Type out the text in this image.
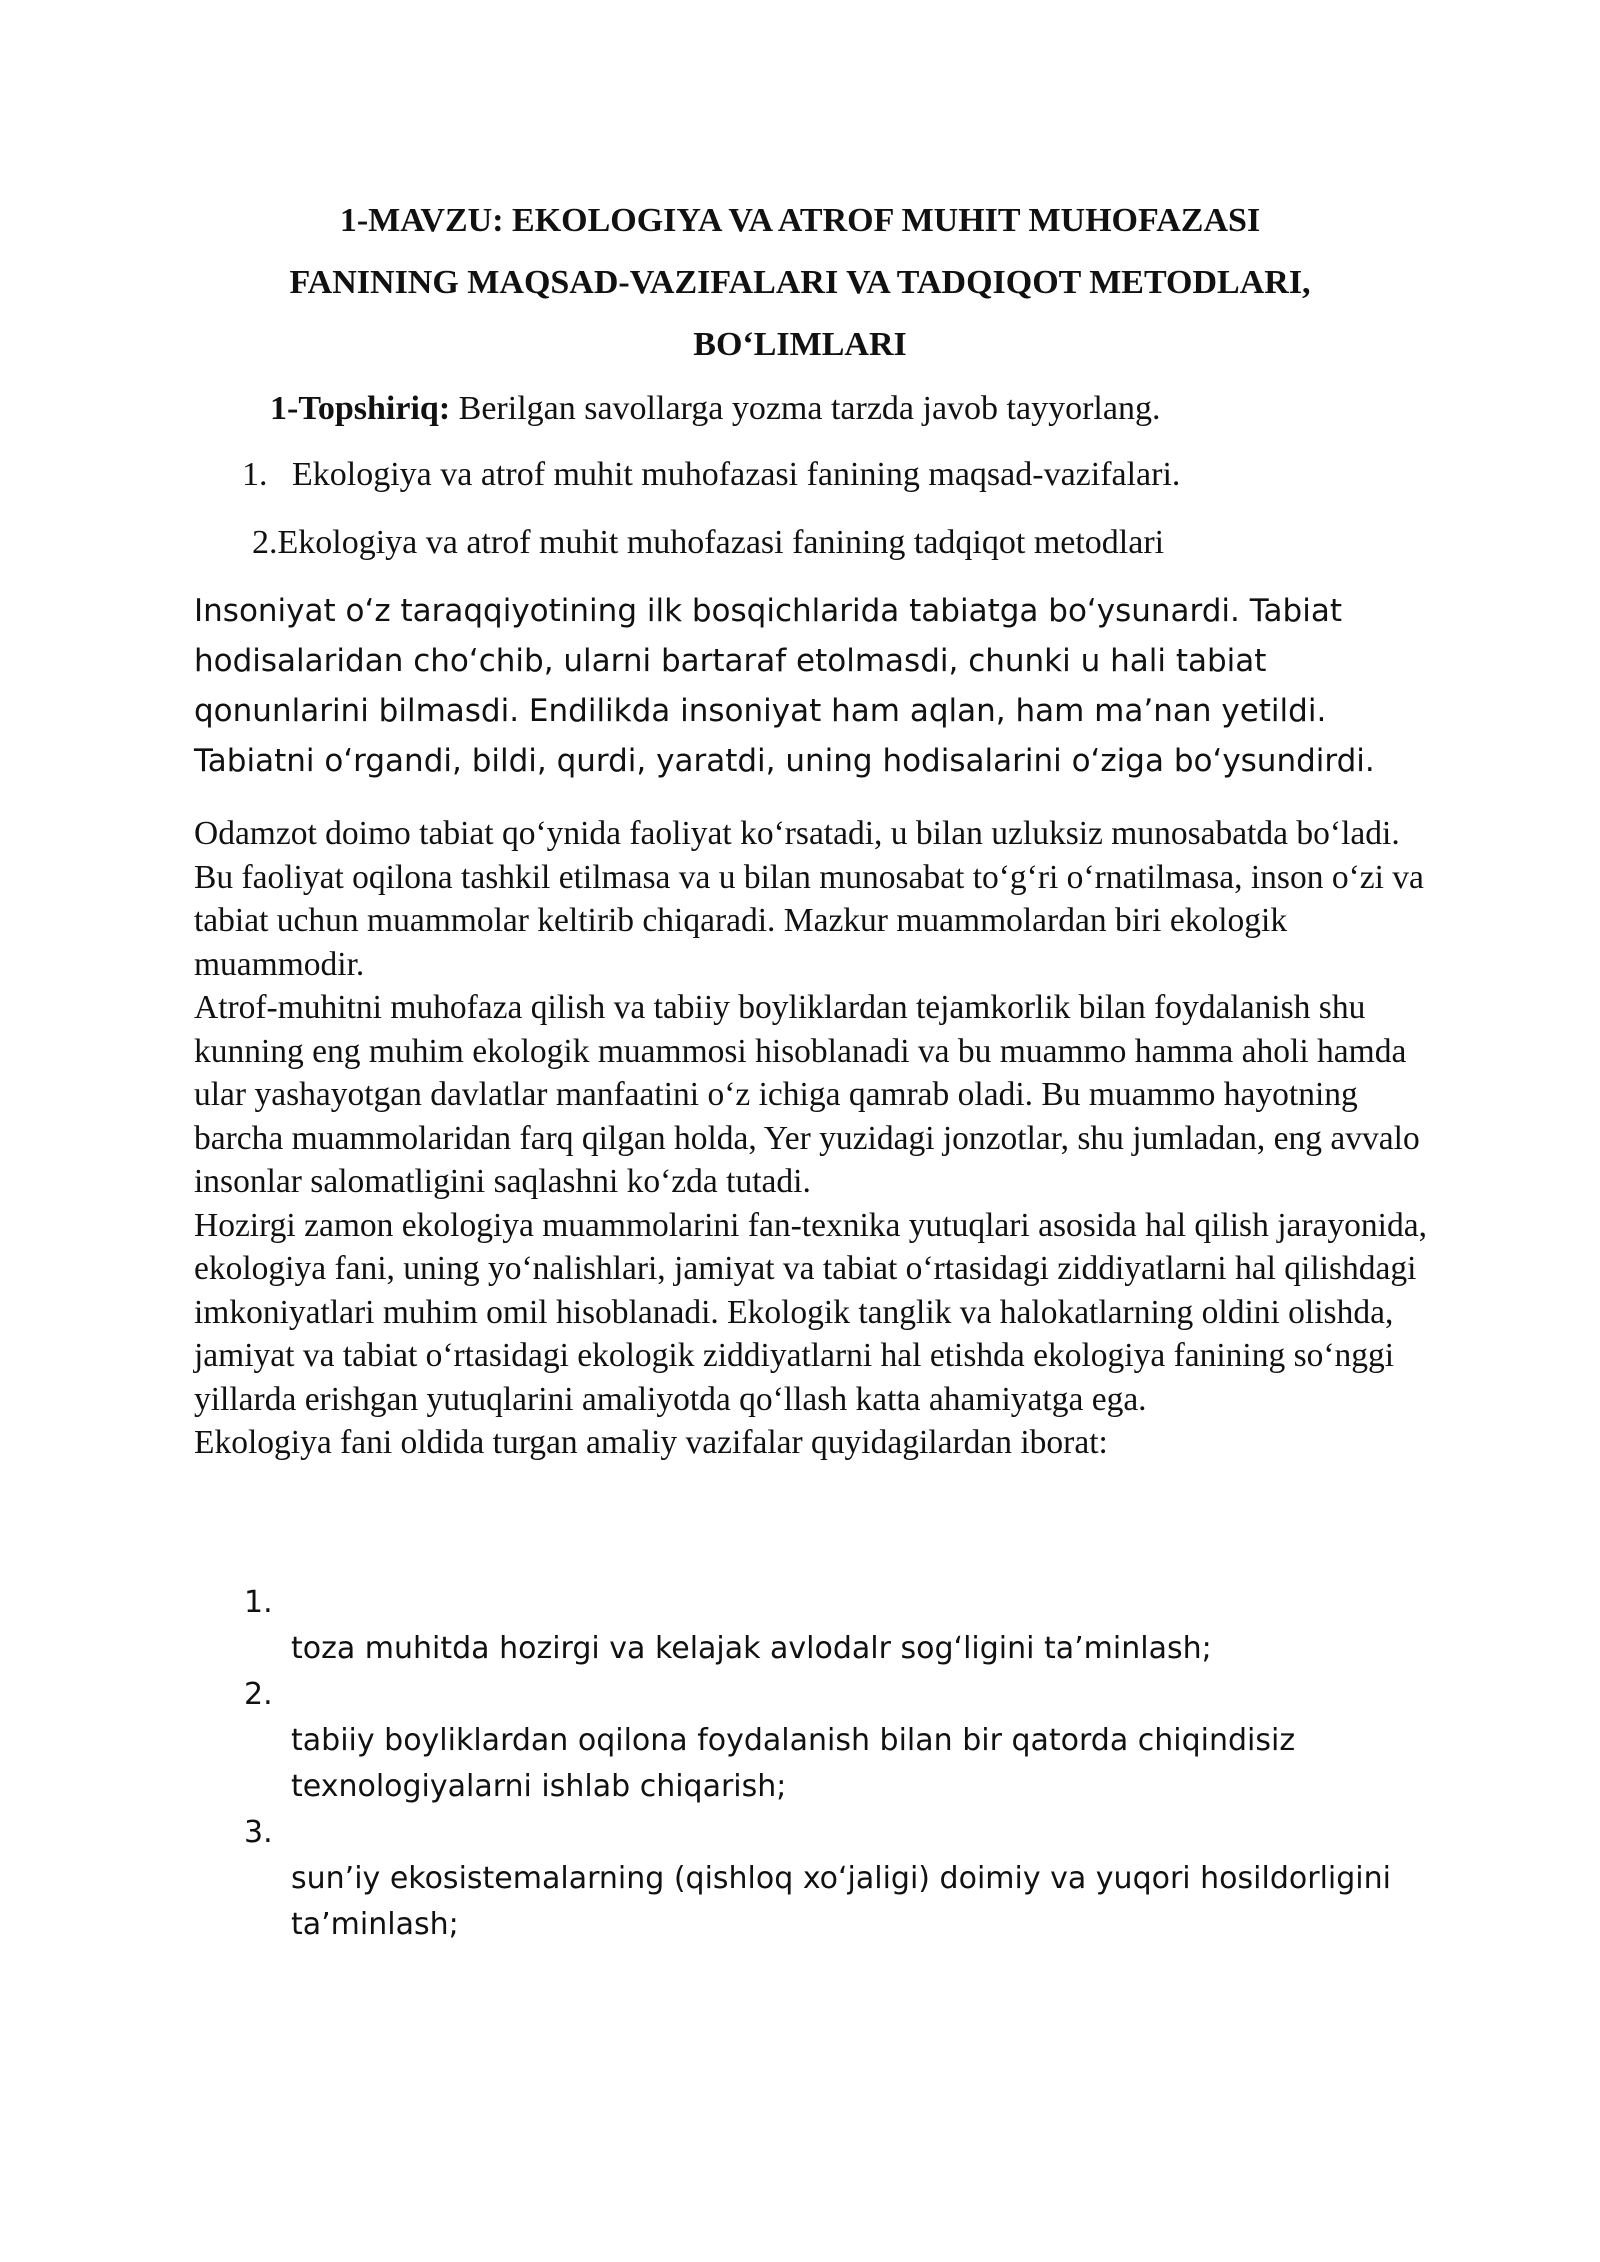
1-MAVZU: EKOLOGIYA VA ATROF MUHIT MUHOFAZASI
FANINING MAQSAD-VAZIFALARI VA TADQIQOT METODLARI,
BO‘LIMLARI

1-Topshiriq: Berilgan savollarga yozma tarzda javob tayyorlang.

1. Ekologiya va atrof muhit muhofazasi fanining maqsad-vazifalari.

2.Ekologiya va atrof muhit muhofazasi fanining tadqiqot metodlari

Insoniyat o‘z taraqqiyotining ilk bosqichlarida tabiatga bo‘ysunardi. Tabiat hodisalaridan cho‘chib, ularni bartaraf etolmasdi, chunki u hali tabiat qonunlarini bilmasdi. Endilikda insoniyat ham aqlan, ham ma’nan yetildi. Tabiatni o‘rgandi, bildi, qurdi, yaratdi, uning hodisalarini o‘ziga bo‘ysundirdi.

Odamzot doimo tabiat qo‘ynida faoliyat ko‘rsatadi, u bilan uzluksiz munosabatda bo‘ladi. Bu faoliyat oqilona tashkil etilmasa va u bilan munosabat to‘g‘ri o‘rnatilmasa, inson o‘zi va tabiat uchun muammolar keltirib chiqaradi. Mazkur muammolardan biri ekologik muammodir.

Atrof-muhitni muhofaza qilish va tabiiy boyliklardan tejamkorlik bilan foydalanish shu kunning eng muhim ekologik muammosi hisoblanadi va bu muammo hamma aholi hamda ular yashayotgan davlatlar manfaatini o‘z ichiga qamrab oladi. Bu muammo hayotning barcha muammolaridan farq qilgan holda, Yer yuzidagi jonzotlar, shu jumladan, eng avvalo insonlar salomatligini saqlashni ko‘zda tutadi.

Hozirgi zamon ekologiya muammolarini fan-texnika yutuqlari asosida hal qilish jarayonida, ekologiya fani, uning yo‘nalishlari, jamiyat va tabiat o‘rtasidagi ziddiyatlarni hal qilishdagi imkoniyatlari muhim omil hisoblanadi. Ekologik tanglik va halokatlarning oldini olishda, jamiyat va tabiat o‘rtasidagi ekologik ziddiyatlarni hal etishda ekologiya fanining so‘nggi yillarda erishgan yutuqlarini amaliyotda qo‘llash katta ahamiyatga ega.

Ekologiya fani oldida turgan amaliy vazifalar quyidagilardan iborat:

1.
toza muhitda hozirgi va kelajak avlodalr sog‘ligini ta’minlash;
2.
tabiiy boyliklardan oqilona foydalanish bilan bir qatorda chiqindisiz texnologiyalarni ishlab chiqarish;
3.
sun’iy ekosistemalarning (qishloq xo‘jaligi) doimiy va yuqori hosildorligini ta’minlash;
